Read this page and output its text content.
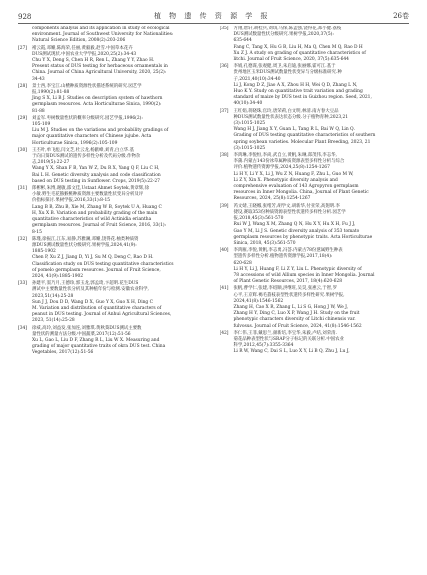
928	植 物 遗 传 资 源 学 报	26卷
components analysis and its application in study of ecological
environment. Journal of Southwest University for Nationalities:
Natural Science Edition, 2008(2):203-206
[27]	褚云霞,邓姗,陈海荣,任丽,黄毅毅,赵雪.中国草本花卉
DUS测试现状.中国农业大学学报,2020,25(2):34-43
Chu Y X, Deng S, Chen H R, Ren L, Zhang Y Y, Zhao H.
Present status of DUS testing for herbaceous ornamentals in
China. Journal of China Agricultural University, 2020, 25(2):
34-43
[28]	景士西,李宝江.山楂种质资源性状描述系统的研究.园艺学
报,1990(2):81-88
Jing S X, Li B J. Studies on description system of hawthorn
germplasm resources. Acta Horticulturae Sinica, 1990(2):
81-88
[29]	刘孟军.枣树数量性状的概率分级研究.园艺学报,1996(2):
105-109
Liu M J. Studies on the variations and probability gradings of
major quantitative characters of Chinese jujube. Acta
Horticulturae Sinica, 1996(2):105-109
[30]	王丕叶,单飞彪,闫文芝,杜云龙,杨献峰,刘青,白立华.基
于向日葵DUS测试的遗传多样性分析及代码分级.作物杂
志,2019(5):22-27
Wang Y X, Shan F B, Yan W Z, Du R X, Yang Q F, Liu C H,
Bai L H. Genetic diversity analysis and code classification
based on DUS testing in Sunflower. Crops, 2019(5):22-27
[31]	郎彬彬,朱博,谢敏,邵文佳,Ustaat Ahmet Soytek,黄章辉,徐
小敏.野生毛花猕猴桃种质资源主要数量性状变异分析及评
价指标探讨.果树学报,2016,33(1):8-15
Lang B B, Zhu B, Xie M, Zhang W B, Soytek U A, Huang C
H, Xu X B. Variation and probability grading of the main
quantitative characteristics of wild Actinidia eriantha
germplasm resources. Journal of Fruit Science, 2016, 33(1):
8-15
[32]	陈瑾,徐振江,江东,易静,苏雅澜,邓姗,饶得花.柚类种质资
源DUS测试数量性状分级研究.果树学报,2024,41(9):
1885-1902
Chen P, Xu Z J, Jiang D, Yi J, Su M Q, Deng C, Rao D H.
Classification study on DUS testing quantitative characteristics
of pomelo germplasm resources. Journal of Fruit Science,
2024, 41(9):1885-1902
[33]	孙建平,窦乃月,王德珍,郭玉龙,郭孟琦,卞超明.花生DUS
测试中主要数量性状分析及其种植年份与检测.安徽农业科学,
2023,51(14):25-28
Sun J J, Dou D D, Wang D X, Guo Y X, Guo X H, Ding C
M. Variation and distribution of quantitative characters of
peanut in DUS testing. Journal of Anhui Agricultural Sciences,
2023, 51(14):25-28
[34]	徐威,高玲,刘益发,张加连,刘雅琪.黄秋葵DUS测试主要数
量性状的测量方法分级.中国蔬菜,2017(12):51-56
Xu L, Gao L, Liu D F, Zhang R L, Liu W X. Measuring and
grading of major quantitative traits of okra DUS test. China
Vegetables, 2017(12):51-56
[35]	方翔,唐轩,胡桂兵,刘琪,马保,陈孟强,饶得花,郑小健.荔枝
DUS测试数量性状分级研究.果树学报,2020,37(5):
635-644
Fang C, Tang X, Hu G B, Liu H, Ma Q, Chen M Q, Rao D H
Xu Z J. A study on grading of quantitative characteristics of
litchi. Journal of Fruit Science, 2020, 37(5):635-644
[36]	李娟,孔德谋,张观健,周卫,朱启迪,张丽娜,霍可江.基于
贵州地区玉米DUS测试数量性状变异与分级标准研究.种
子,2021,40(10):34-40
Li J, Kong D Z, Jiao A X, Zhou H H, Wei Q D, Zhang L N,
Huo K Y. Study on quantitative trait variation and grading
standard of maize by DUS test in Guizhou region. Seed, 2021,
40(10):34-40
[37]	王红娟,蒋晓珠,官玲,唐荣莉,白文明,林清.南方春大豆品
种DUS测试数量性状表达状态分级.分子植物育种,2023,21
(3):1015-1025
Wang H J, Jiang X Y, Guan L, Tang R L, Bai W Q, Lin Q.
Grading of DUS testing quantitative characteristics of southern
spring soybean varieties. Molecular Plant Breeding, 2023, 21
(3):1015-1025
[38]	李鸿琳,李悦恒,李尚,武自立,黄帆,朱琳,郑茂伟,李志华,
李蒲.内蒙古143份冰草属种质资源表型多样性分析与综合
评价.植物遗传资源学报,2024,25(8):1254-1267
Li H Y, Li Y X, Li J, Wu Z N, Huang F, Zhu L, Guo M W,
Li Z Y, Xin X. Phenotypic diversity analysis and
comprehensive evaluation of 143 Agropyron germplasm
resources in Inner Mongolia. China, Journal of Plant Genetic
Resources, 2024, 25(8):1254-1267
[39]	芮文婧,王晓娜,张绪芳,胡学文,胡新华,付亚荣,高翅明.李
捷设,赛取353份种质资源表型性状遗传多样性分析.园艺学
报,2018,45(3):561-570
Rui W J, Wang X M, Zhang Q N, Hu X Y, Hu X H, Fu J J,
Gao Y M, Li J S. Genetic diversity analysis of 353 tomato
germplasm resources by phenotypic traits. Acta Horticulturae
Sinica, 2018, 45(3):561-570
[40]	李鸿雁,李悦,黄帆,李志勇,冯荟.内蒙古78份葱属野生种表
型遗传多样性分析.植物遗传资源学报,2017,18(4):
620-628
Li H Y, Li J, Huang F, Li Z Y, Liu L. Phenotypic diversity of
78 accessions of wild Allium species in Inner Mongolia. Journal
of Plant Genetic Resources, 2017, 18(4):620-628
[41]	张帆,曹学仁,张建,李绍顺,洪继旺,吴昊,张惠云,于智,罗
心平,王京辉.褐毛荔枝表型性状遗传多样性研究.果树学报,
2024,41(8):1546-1562
Zhang H, Cao X R, Zhang L, Li S G, Hong J W, We J,
Zhang H Y, Ding C, Luo X P, Wang J H. Study on the fruit
phenotypic characters diversity of Litchi chinensis var.
fulvosus. Journal of Fruit Science, 2024, 41(8):1546-1562
[42]	李仁伟,王菲,戴思兰,颜新培,李宝华,朱毅,卢结,刘荣清.
菊花品种表型性状与SRAP分子标记的关联分析.中国农业
科学,2012,45(7):3355-3364
Li R W, Wang C, Dai S L, Luo X Y, Li B Q, Zhu J, Lu J,
